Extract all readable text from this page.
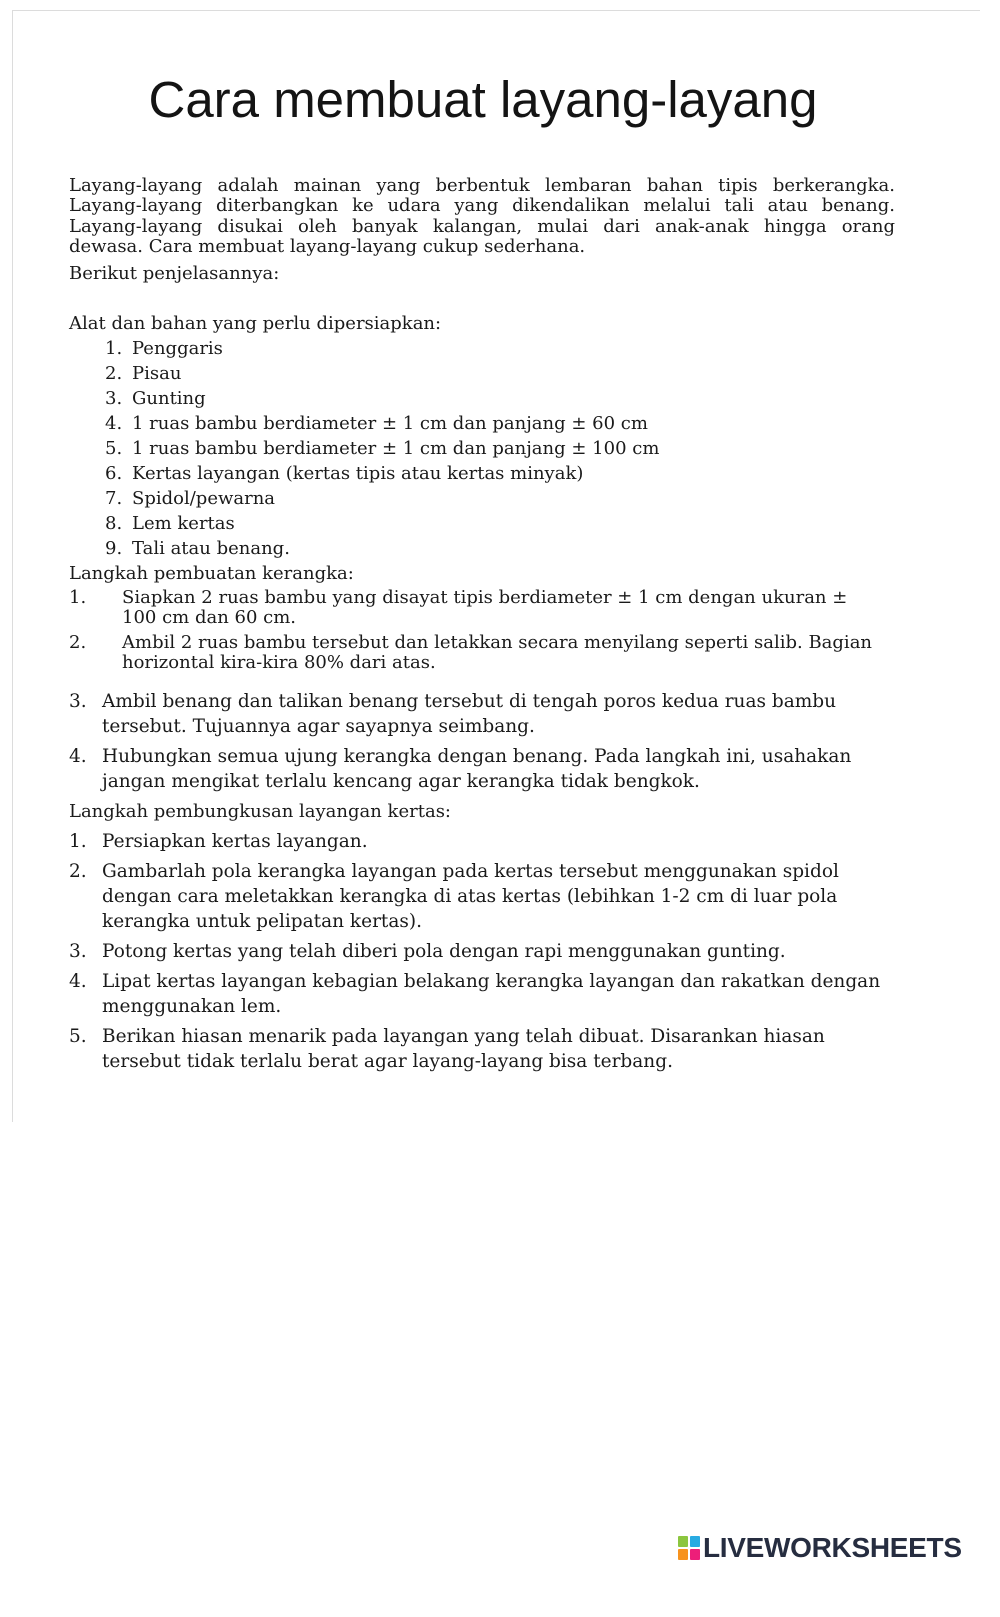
Cara membuat layang-layang
Layang-layang adalah mainan yang berbentuk lembaran bahan tipis berkerangka.
Layang-layang diterbangkan ke udara yang dikendalikan melalui tali atau benang.
Layang-layang disukai oleh banyak kalangan, mulai dari anak-anak hingga orang
dewasa. Cara membuat layang-layang cukup sederhana.
Berikut penjelasannya:
Alat dan bahan yang perlu dipersiapkan:
1. Penggaris
2. Pisau
3. Gunting
4. 1 ruas bambu berdiameter ± 1 cm dan panjang ± 60 cm
5. 1 ruas bambu berdiameter ± 1 cm dan panjang ± 100 cm
6. Kertas layangan (kertas tipis atau kertas minyak)
7. Spidol/pewarna
8. Lem kertas
9. Tali atau benang.
Langkah pembuatan kerangka:
1.	Siapkan 2 ruas bambu yang disayat tipis berdiameter ± 1 cm dengan ukuran ±
100 cm dan 60 cm.
2.	Ambil 2 ruas bambu tersebut dan letakkan secara menyilang seperti salib. Bagian
horizontal kira-kira 80% dari atas.
3. Ambil benang dan talikan benang tersebut di tengah poros kedua ruas bambu
tersebut. Tujuannya agar sayapnya seimbang.
4. Hubungkan semua ujung kerangka dengan benang. Pada langkah ini, usahakan
jangan mengikat terlalu kencang agar kerangka tidak bengkok.
Langkah pembungkusan layangan kertas:
1. Persiapkan kertas layangan.
2. Gambarlah pola kerangka layangan pada kertas tersebut menggunakan spidol
dengan cara meletakkan kerangka di atas kertas (lebihkan 1-2 cm di luar pola
kerangka untuk pelipatan kertas).
3. Potong kertas yang telah diberi pola dengan rapi menggunakan gunting.
4. Lipat kertas layangan kebagian belakang kerangka layangan dan rakatkan dengan
menggunakan lem.
5. Berikan hiasan menarik pada layangan yang telah dibuat. Disarankan hiasan
tersebut tidak terlalu berat agar layang-layang bisa terbang.
LIVEWORKSHEETS
